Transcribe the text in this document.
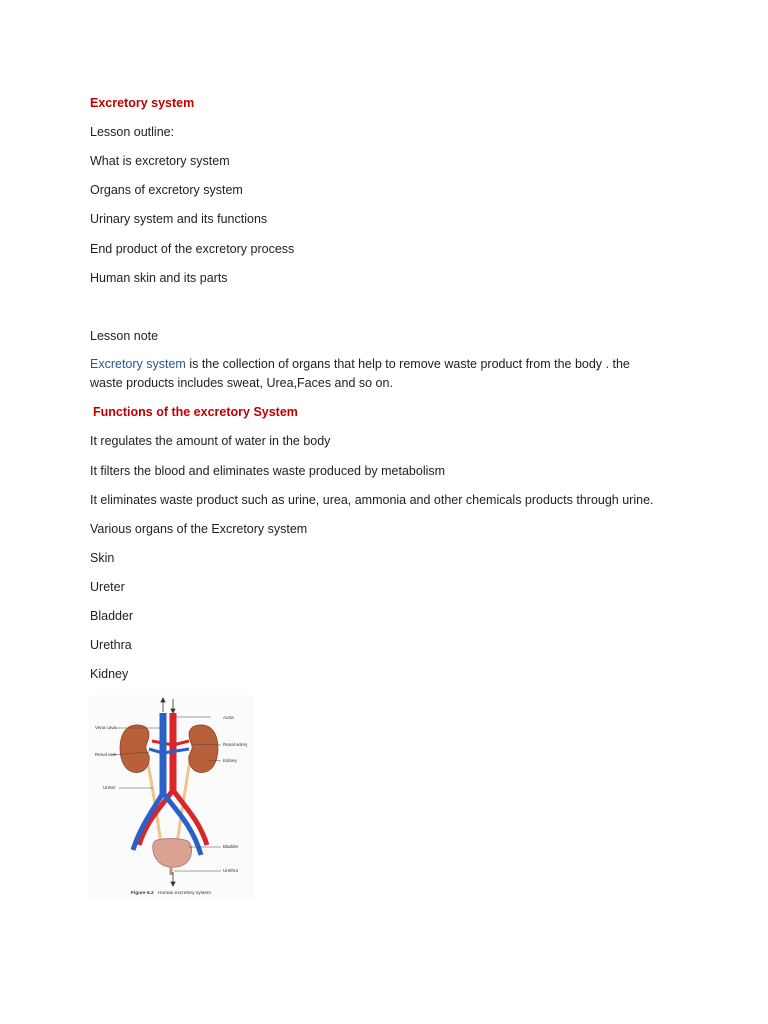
Excretory system
Lesson outline:
What is excretory system
Organs of excretory system
Urinary system and its functions
End product of the excretory process
Human skin and its parts
Lesson note
Excretory system is the collection of organs that help to remove waste product from the body . the
waste products includes sweat, Urea,Faces and so on.
Functions of the excretory System
It regulates the amount of water in the body
It filters the blood and eliminates waste produced by metabolism
It eliminates waste product such as urine, urea, ammonia and other chemicals products through urine.
Various organs of the Excretory system
Skin
Ureter
Bladder
Urethra
Kidney
Vena cava
Renal vein
Ureter
Aorta
Renal artery
Kidney
Bladder
Urethra
Figure 6.2 Human excretory system
